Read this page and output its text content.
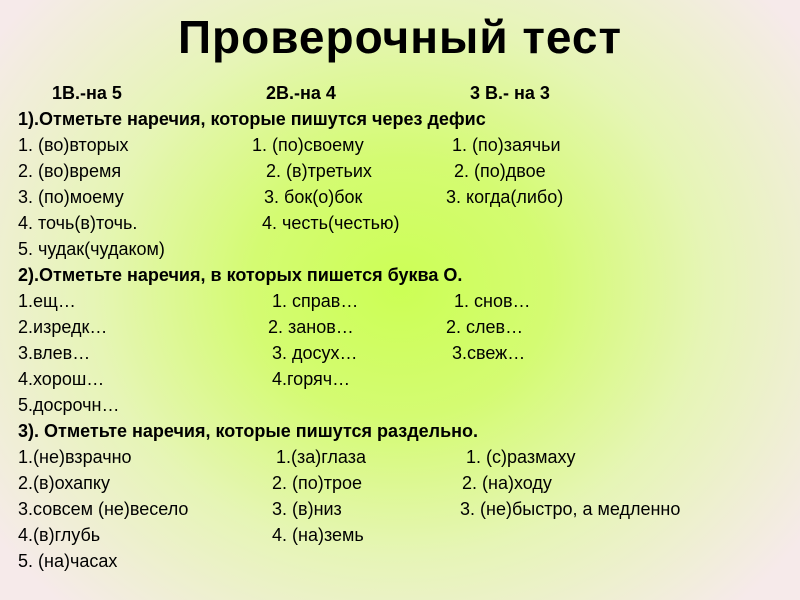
Проверочный тест
1В.-на 5	2В.-на 4	3 В.- на 3
1).Отметьте наречия, которые пишутся через дефис
1. (во)вторых	1. (по)своему	1. (по)заячьи
2. (во)время	2. (в)третьих	2. (по)двое
3. (по)моему	3. бок(о)бок	3. когда(либо)
4. точь(в)точь.	4. честь(честью)
5. чудак(чудаком)
2).Отметьте наречия, в которых пишется буква О.
1.ещ…	1. справ…	1. снов…
2.изредк…	2. занов…	2. слев…
3.влев…	3. досух…	3.свеж…
4.хорош…	4.горяч…
5.досрочн…
3). Отметьте наречия, которые пишутся раздельно.
1.(не)взрачно	1.(за)глаза	1. (с)размаху
2.(в)охапку	2. (по)трое	2. (на)ходу
3.совсем (не)весело	3. (в)низ	3. (не)быстро, а медленно
4.(в)глубь	4. (на)земь
5. (на)часах
